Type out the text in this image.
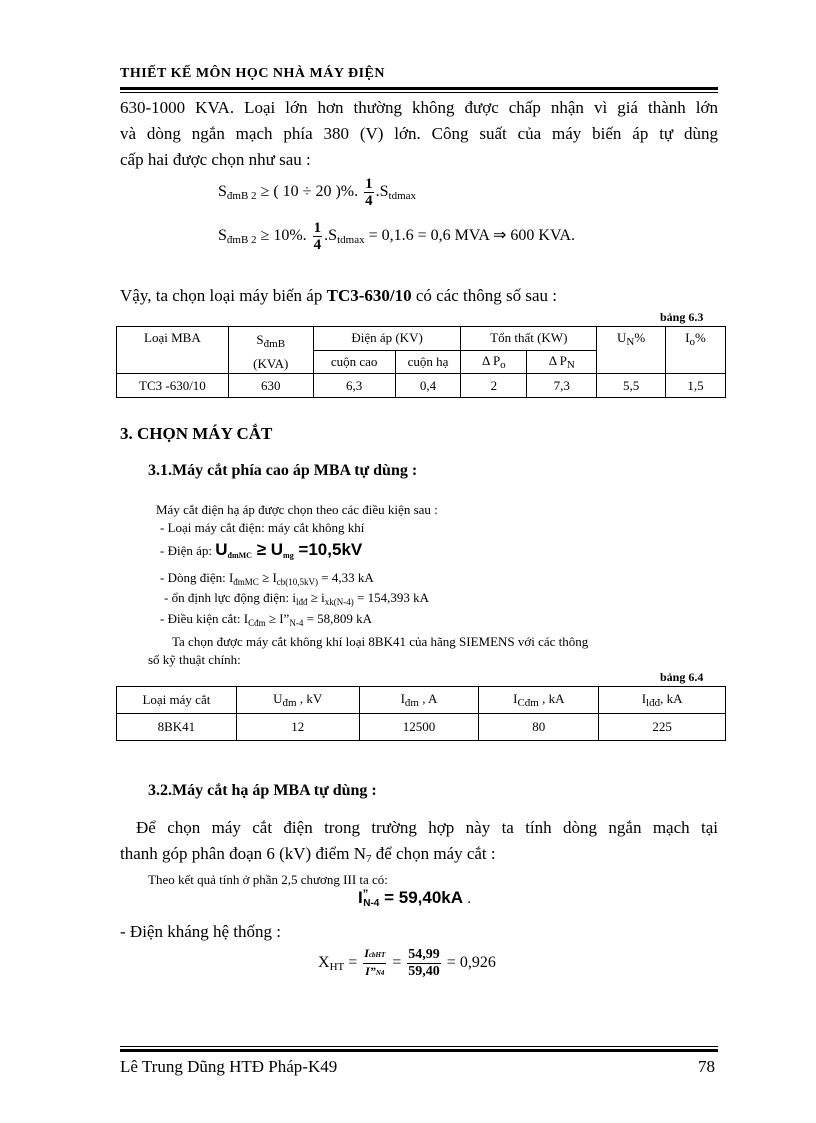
THIẾT KẾ MÔN HỌC NHÀ MÁY ĐIỆN
630-1000 KVA. Loại lớn hơn thường không được chấp nhận vì giá thành lớn
và dòng ngắn mạch phía 380 (V) lớn. Công suất của máy biến áp tự dùng
cấp hai được chọn như sau :
$S_{đmB 2}$ ≥ ( 10 ÷ 20 )%. $\frac{1}{4} .S_{tdmax}$
$S_{đmB 2} \ge 10\%$. $\frac{1}{4} .S_{tdmax} = 0,1.6 = 0,6$ MVA ⇒ 600 KVA.
Vậy, ta chọn loại máy biến áp TC3-630/10 có các thông số sau :
bảng 6.3
Loại MBA	$S_{đmB}$
(KVA)	Điện áp (KV)		Tổn thất (KW)		$U_N\%$	$I_o\%$
		cuộn cao	cuộn hạ	Δ $P_o$	Δ $P_N$
TC3 -630/10	630	6,3	0,4	2	7,3	5,5	1,5
3. CHỌN MÁY CẮT
3.1.Máy cắt phía cao áp MBA tự dùng :
Máy cắt điện hạ áp được chọn theo các điều kiện sau :
- Loại máy cắt điện: máy cắt không khí
- Điện áp: $U_{đmMC} \ge U_{mg} =10,5kV$
- Dòng điện: $I_{đmMC} \ge I_{cb(10,5kV)} = 4,33$ kA
- ổn định lực động điện: $i_{lđđ} \ge i_{xk(N-4)} = 154,393$ kA
- Điều kiện cắt: $I_{Cđm}$ ≥ $I”_{N-4} = 58,809$ kA
Ta chọn được máy cắt không khí loại 8BK41 của hãng SIEMENS với các thông
số kỹ thuật chính:
bảng 6.4
Loại máy cắt	$U_{đm}$ , kV	$I_{đm}$ , A	$I_{Cđm}$ , kA	$I_{lđđ}$, kA
8BK41	12	12500	80	225
3.2.Máy cắt hạ áp MBA tự dùng :
Để chọn máy cắt điện trong trường hợp này ta tính dòng ngắn mạch tại
thanh góp phân đoạn 6 (kV) điểm $N_7$ để chọn máy cắt :
Theo kết quả tính ở phần 2,5 chương III ta có:
$I^”_{N-4} = 59,40kA$ .
- Điện kháng hệ thống :
$X_{HT} = \frac{\text{IcbHT}}{I”N4} = \frac{54,99}{59,40} = 0,926$
Lê Trung Dũng HTĐ Pháp-K49	78
